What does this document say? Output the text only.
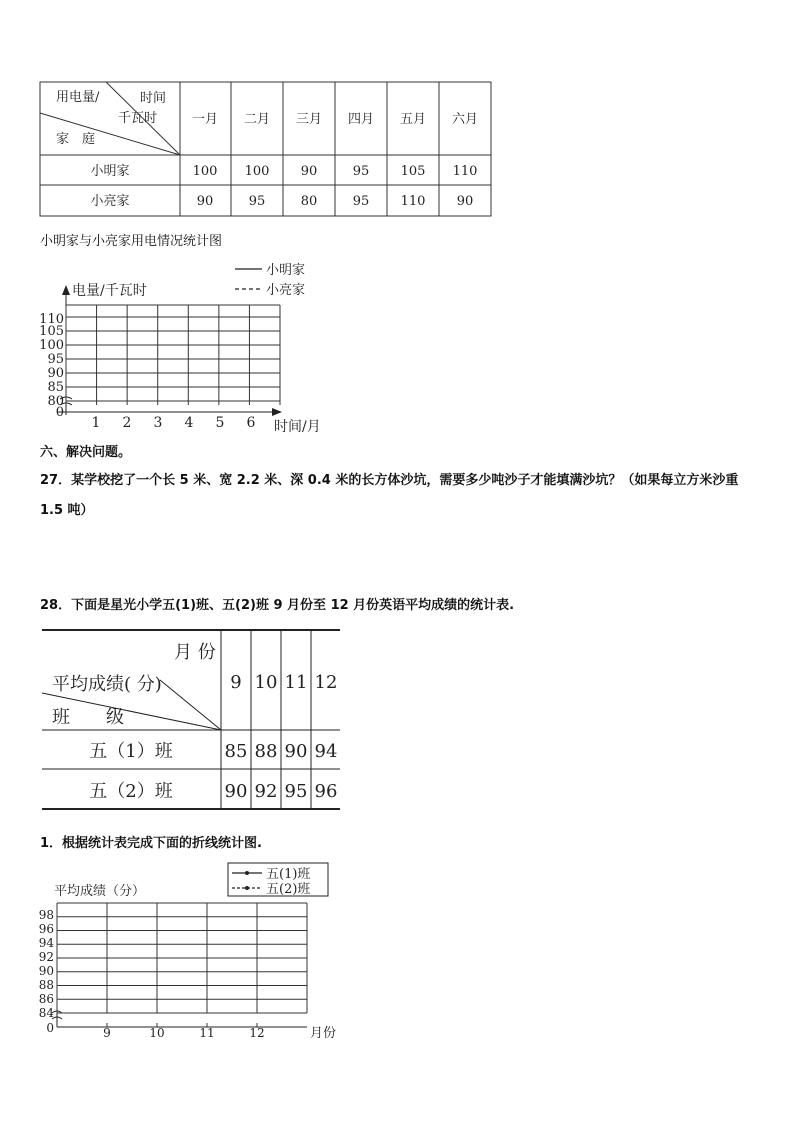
时间
用电量/
千瓦时
家　庭
一月 二月 三月 四月 五月 六月
小明家	100 100 90	95 105 110
小亮家	90	95	80	95 110 90
小明家与小亮家用电情况统计图
小明家
小亮家
电量/千瓦时
时间/月
110
105
100
95
90
85
80
0
1 2 3 4 5 6
六、解决问题。
27．某学校挖了一个长 5 米、宽 2.2 米、深 0.4 米的长方体沙坑，需要多少吨沙子才能填满沙坑？（如果每立方米沙重
1.5 吨）
28．下面是星光小学五(1)班、五(2)班 9 月份至 12 月份英语平均成绩的统计表.
月 份
平均成绩( 分)
班　　级
9 10 11 12
五（1）班	85 88 90 94
五（2）班	90 92 95 96
1．根据统计表完成下面的折线统计图.
五(1)班
五(2)班
平均成绩（分）
98
96
94
92
90
88
86
84
0	9	10	11	12	月份
